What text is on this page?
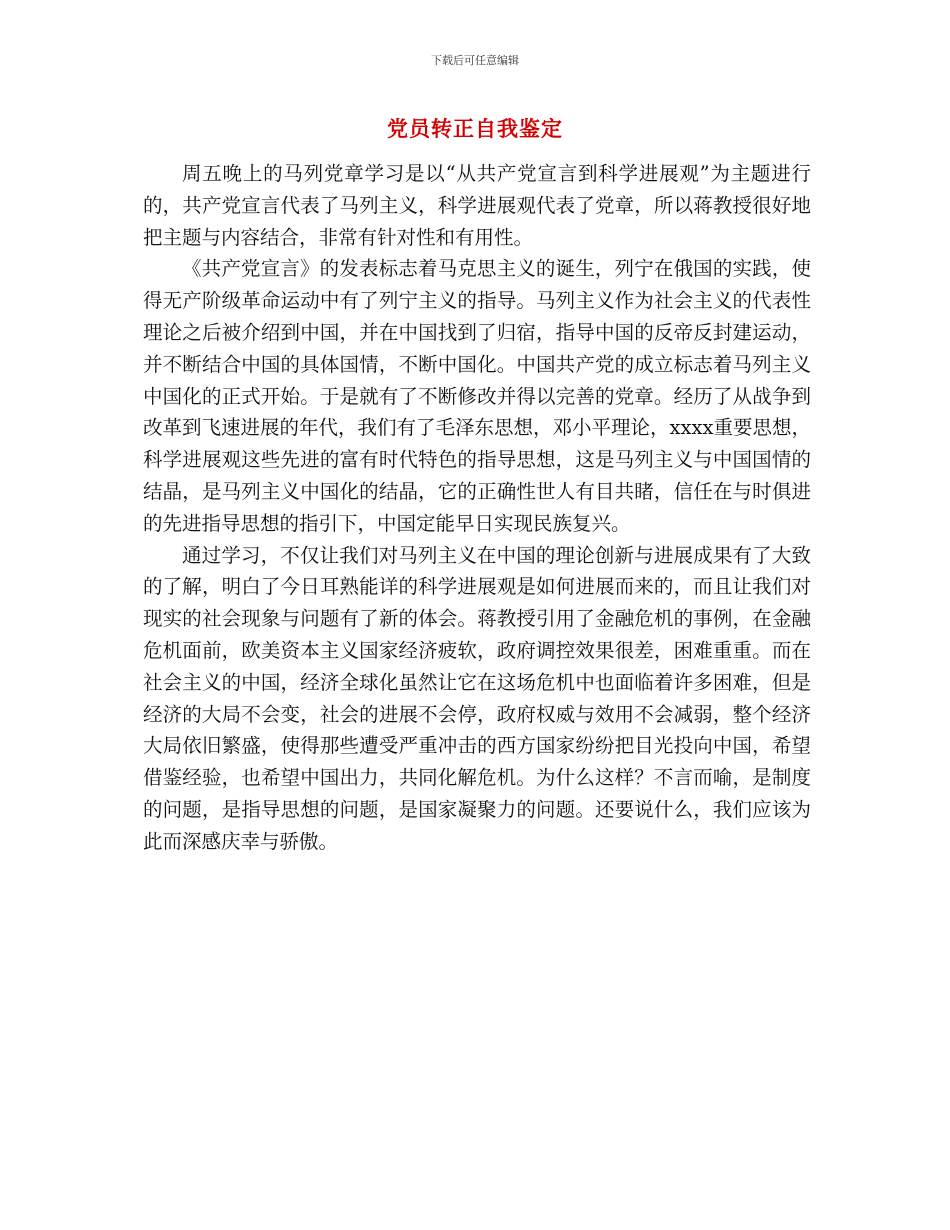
下载后可任意编辑
党员转正自我鉴定

周五晚上的马列党章学习是以“从共产党宣言到科学进展观”为主题进行的，共产党宣言代表了马列主义，科学进展观代表了党章，所以蒋教授很好地把主题与内容结合，非常有针对性和有用性。

《共产党宣言》的发表标志着马克思主义的诞生，列宁在俄国的实践，使得无产阶级革命运动中有了列宁主义的指导。马列主义作为社会主义的代表性理论之后被介绍到中国，并在中国找到了归宿，指导中国的反帝反封建运动，并不断结合中国的具体国情，不断中国化。中国共产党的成立标志着马列主义中国化的正式开始。于是就有了不断修改并得以完善的党章。经历了从战争到改革到飞速进展的年代，我们有了毛泽东思想，邓小平理论，xxxx重要思想，科学进展观这些先进的富有时代特色的指导思想，这是马列主义与中国国情的结晶，是马列主义中国化的结晶，它的正确性世人有目共睹，信任在与时俱进的先进指导思想的指引下，中国定能早日实现民族复兴。

通过学习，不仅让我们对马列主义在中国的理论创新与进展成果有了大致的了解，明白了今日耳熟能详的科学进展观是如何进展而来的，而且让我们对现实的社会现象与问题有了新的体会。蒋教授引用了金融危机的事例，在金融危机面前，欧美资本主义国家经济疲软，政府调控效果很差，困难重重。而在社会主义的中国，经济全球化虽然让它在这场危机中也面临着许多困难，但是经济的大局不会变，社会的进展不会停，政府权威与效用不会减弱，整个经济大局依旧繁盛，使得那些遭受严重冲击的西方国家纷纷把目光投向中国，希望借鉴经验，也希望中国出力，共同化解危机。为什么这样？不言而喻，是制度的问题，是指导思想的问题，是国家凝聚力的问题。还要说什么，我们应该为此而深感庆幸与骄傲。
